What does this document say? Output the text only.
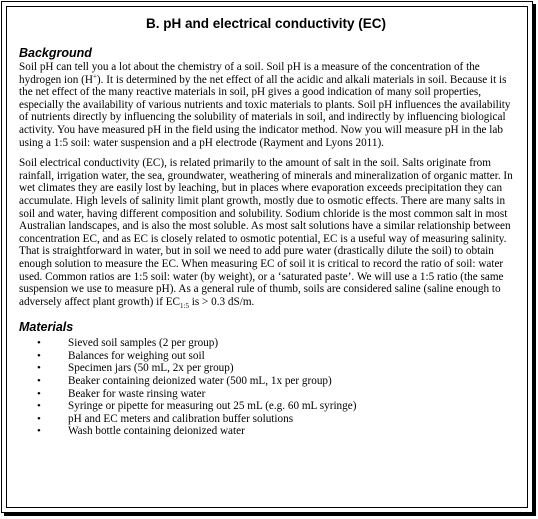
B. pH and electrical conductivity (EC)
Background

Soil pH can tell you a lot about the chemistry of a soil. Soil pH is a measure of the concentration of the hydrogen ion (H+). It is determined by the net effect of all the acidic and alkali materials in soil. Because it is the net effect of the many reactive materials in soil, pH gives a good indication of many soil properties, especially the availability of various nutrients and toxic materials to plants. Soil pH influences the availability of nutrients directly by influencing the solubility of materials in soil, and indirectly by influencing biological activity. You have measured pH in the field using the indicator method. Now you will measure pH in the lab using a 1:5 soil: water suspension and a pH electrode (Rayment and Lyons 2011).

Soil electrical conductivity (EC), is related primarily to the amount of salt in the soil. Salts originate from rainfall, irrigation water, the sea, groundwater, weathering of minerals and mineralization of organic matter. In wet climates they are easily lost by leaching, but in places where evaporation exceeds precipitation they can accumulate. High levels of salinity limit plant growth, mostly due to osmotic effects. There are many salts in soil and water, having different composition and solubility. Sodium chloride is the most common salt in most Australian landscapes, and is also the most soluble. As most salt solutions have a similar relationship between concentration EC, and as EC is closely related to osmotic potential, EC is a useful way of measuring salinity. That is straightforward in water, but in soil we need to add pure water (drastically dilute the soil) to obtain enough solution to measure the EC. When measuring EC of soil it is critical to record the ratio of soil: water used. Common ratios are 1:5 soil: water (by weight), or a ‘saturated paste’. We will use a 1:5 ratio (the same suspension we use to measure pH). As a general rule of thumb, soils are considered saline (saline enough to adversely affect plant growth) if $EC_{1:5}$ is > 0.3 dS/m.

Materials
• Sieved soil samples (2 per group)
• Balances for weighing out soil
• Specimen jars (50 mL, 2x per group)
• Beaker containing deionized water (500 mL, 1x per group)
• Beaker for waste rinsing water
• Syringe or pipette for measuring out 25 mL (e.g. 60 mL syringe)
• pH and EC meters and calibration buffer solutions
• Wash bottle containing deionized water
